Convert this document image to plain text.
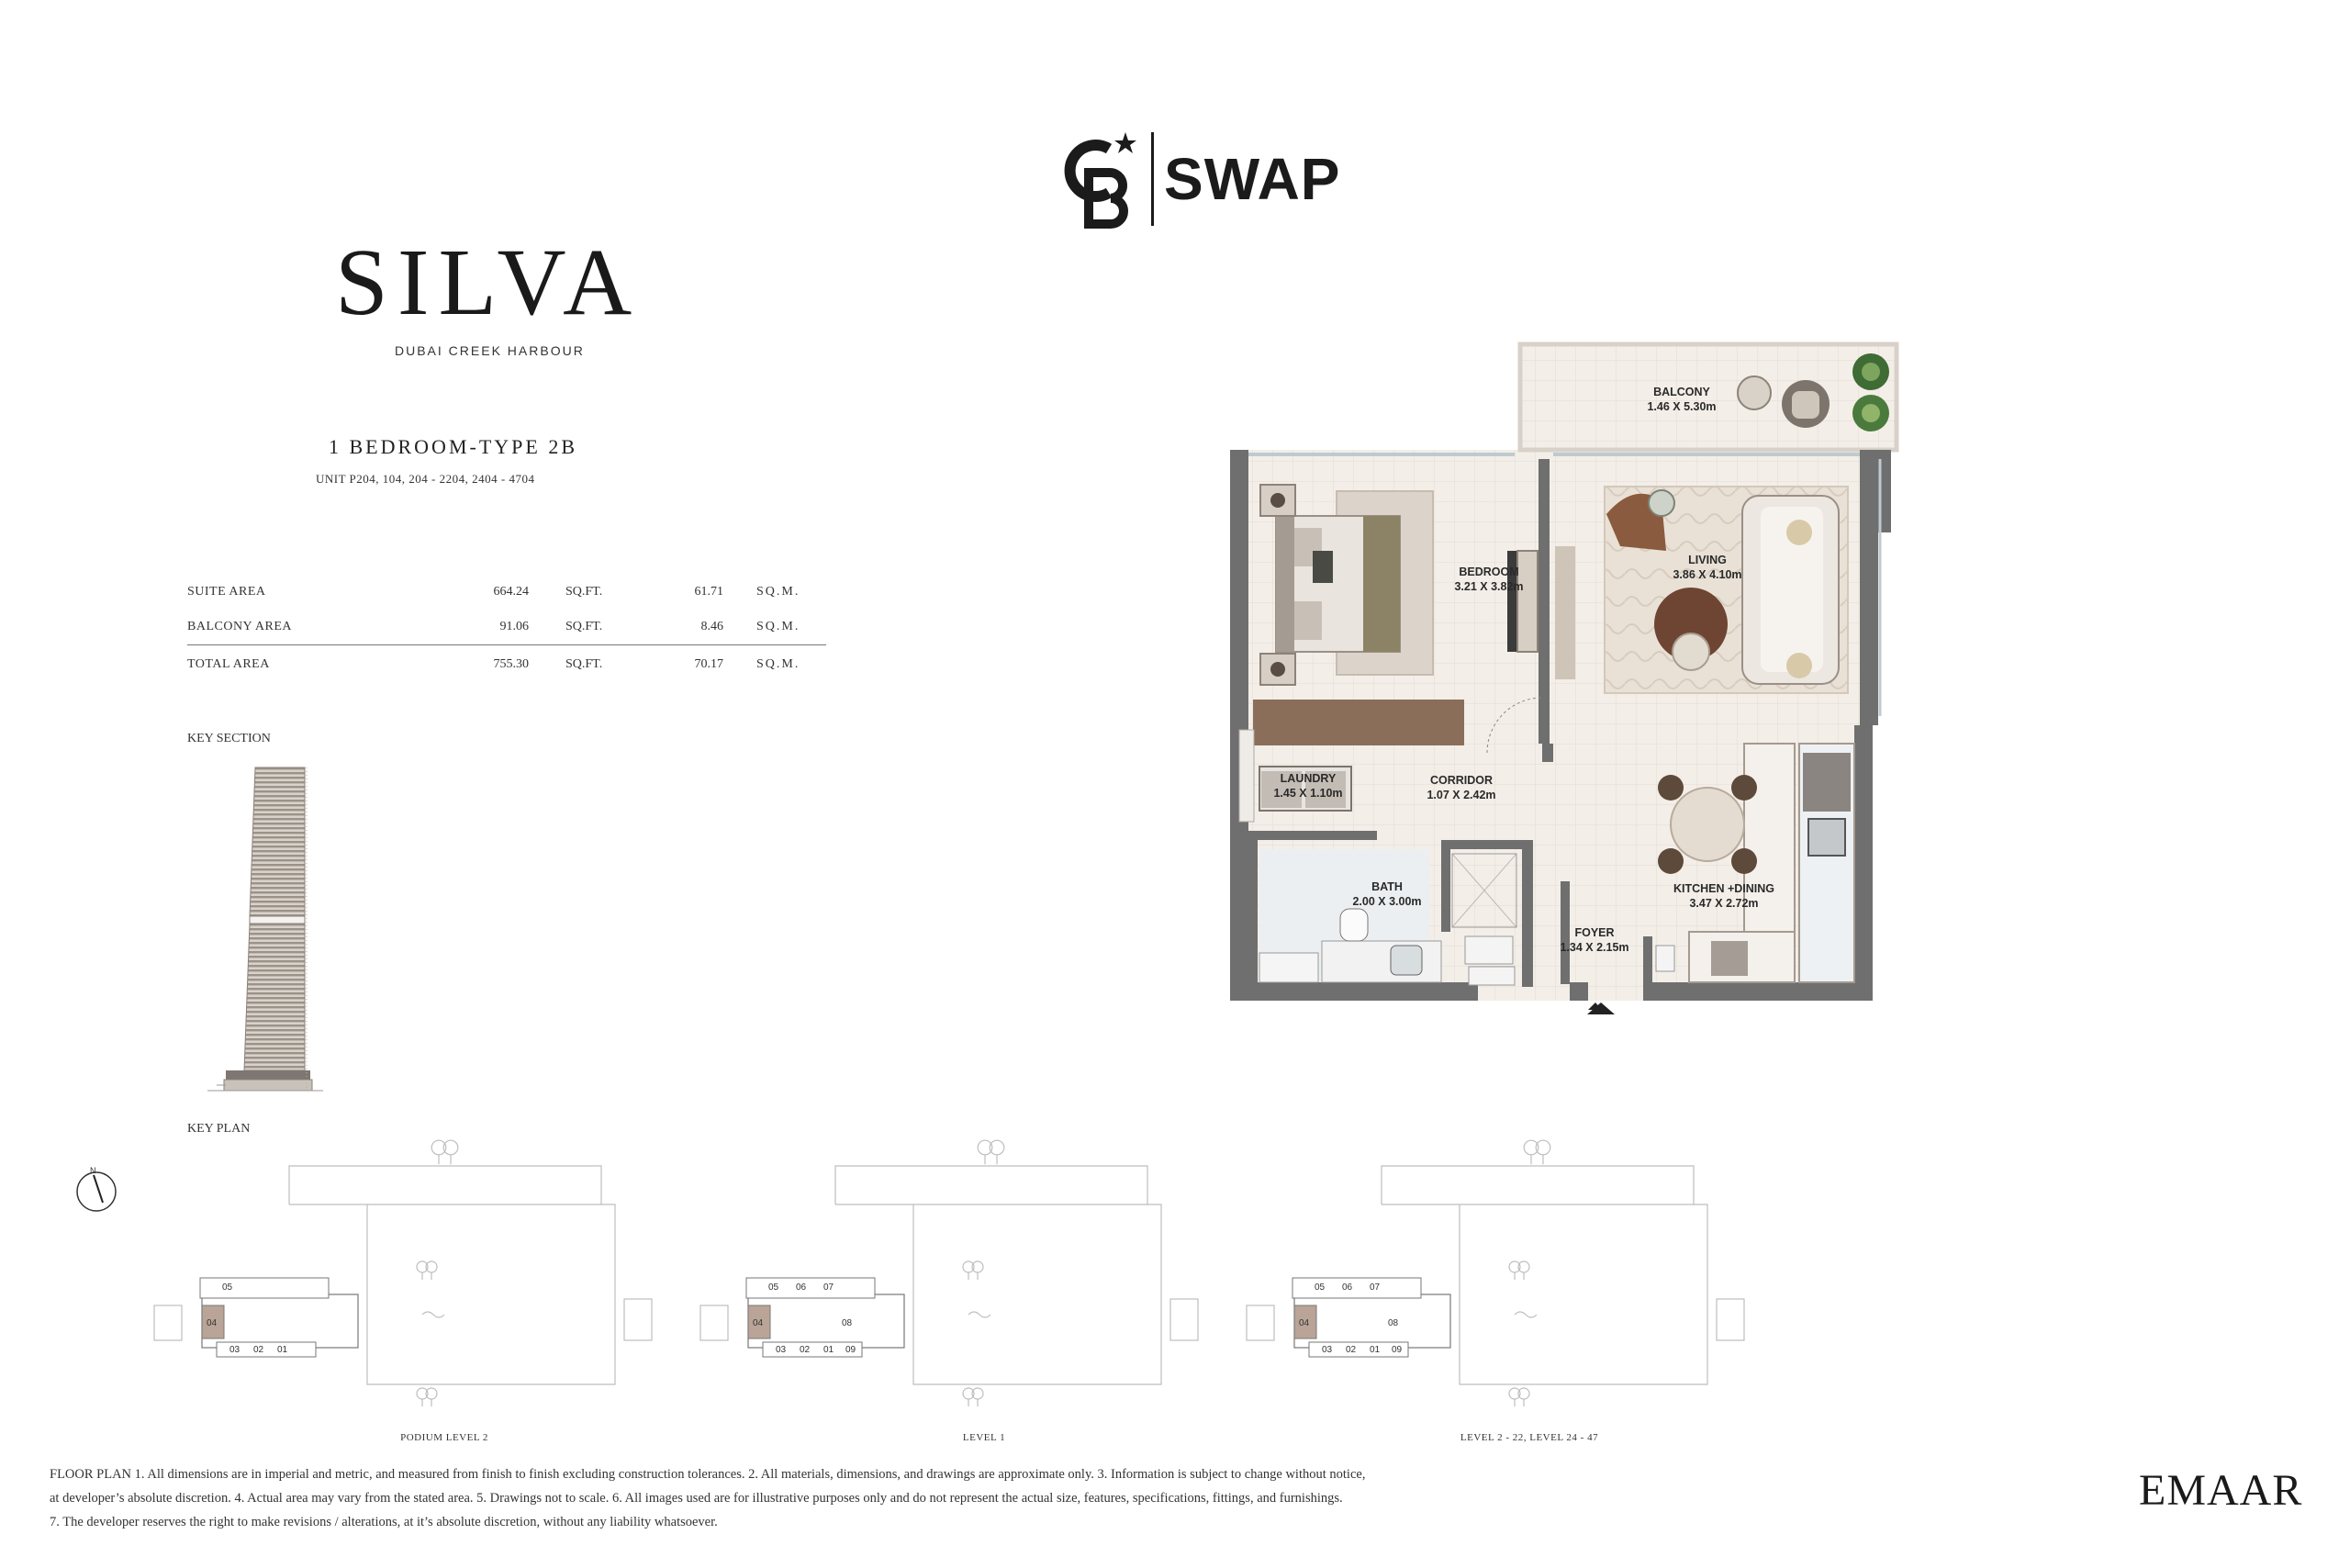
SWAP
SILVA
DUBAI CREEK HARBOUR
1 BEDROOM-TYPE 2B
UNIT P204, 104, 204 - 2204, 2404 - 4704
SUITE AREA	664.24	SQ.FT.	61.71	SQ.M.
BALCONY AREA	91.06	SQ.FT.	8.46	SQ.M.
TOTAL AREA	755.30	SQ.FT.	70.17	SQ.M.
KEY SECTION
KEY PLAN
N
05
04
03 02 01
05 06 07
04	08
03 02 01 09
05 06 07
04	08
03 02 01 09
PODIUM LEVEL 2	LEVEL 1	LEVEL 2 - 22, LEVEL 24 - 47
BALCONY
1.46 X 5.30m
BEDROOM
3.21 X 3.82m
LIVING
3.86 X 4.10m
LAUNDRY
1.45 X 1.10m
CORRIDOR
1.07 X 2.42m
BATH
2.00 X 3.00m
KITCHEN +DINING
3.47 X 2.72m
FOYER
1.34 X 2.15m
FLOOR PLAN 1. All dimensions are in imperial and metric, and measured from finish to finish excluding construction tolerances. 2. All materials, dimensions, and drawings are approximate only. 3. Information is subject to change without notice,
at developer’s absolute discretion. 4. Actual area may vary from the stated area. 5. Drawings not to scale. 6. All images used are for illustrative purposes only and do not represent the actual size, features, specifications, fittings, and furnishings.
7. The developer reserves the right to make revisions / alterations, at it’s absolute discretion, without any liability whatsoever.
EMAAR
